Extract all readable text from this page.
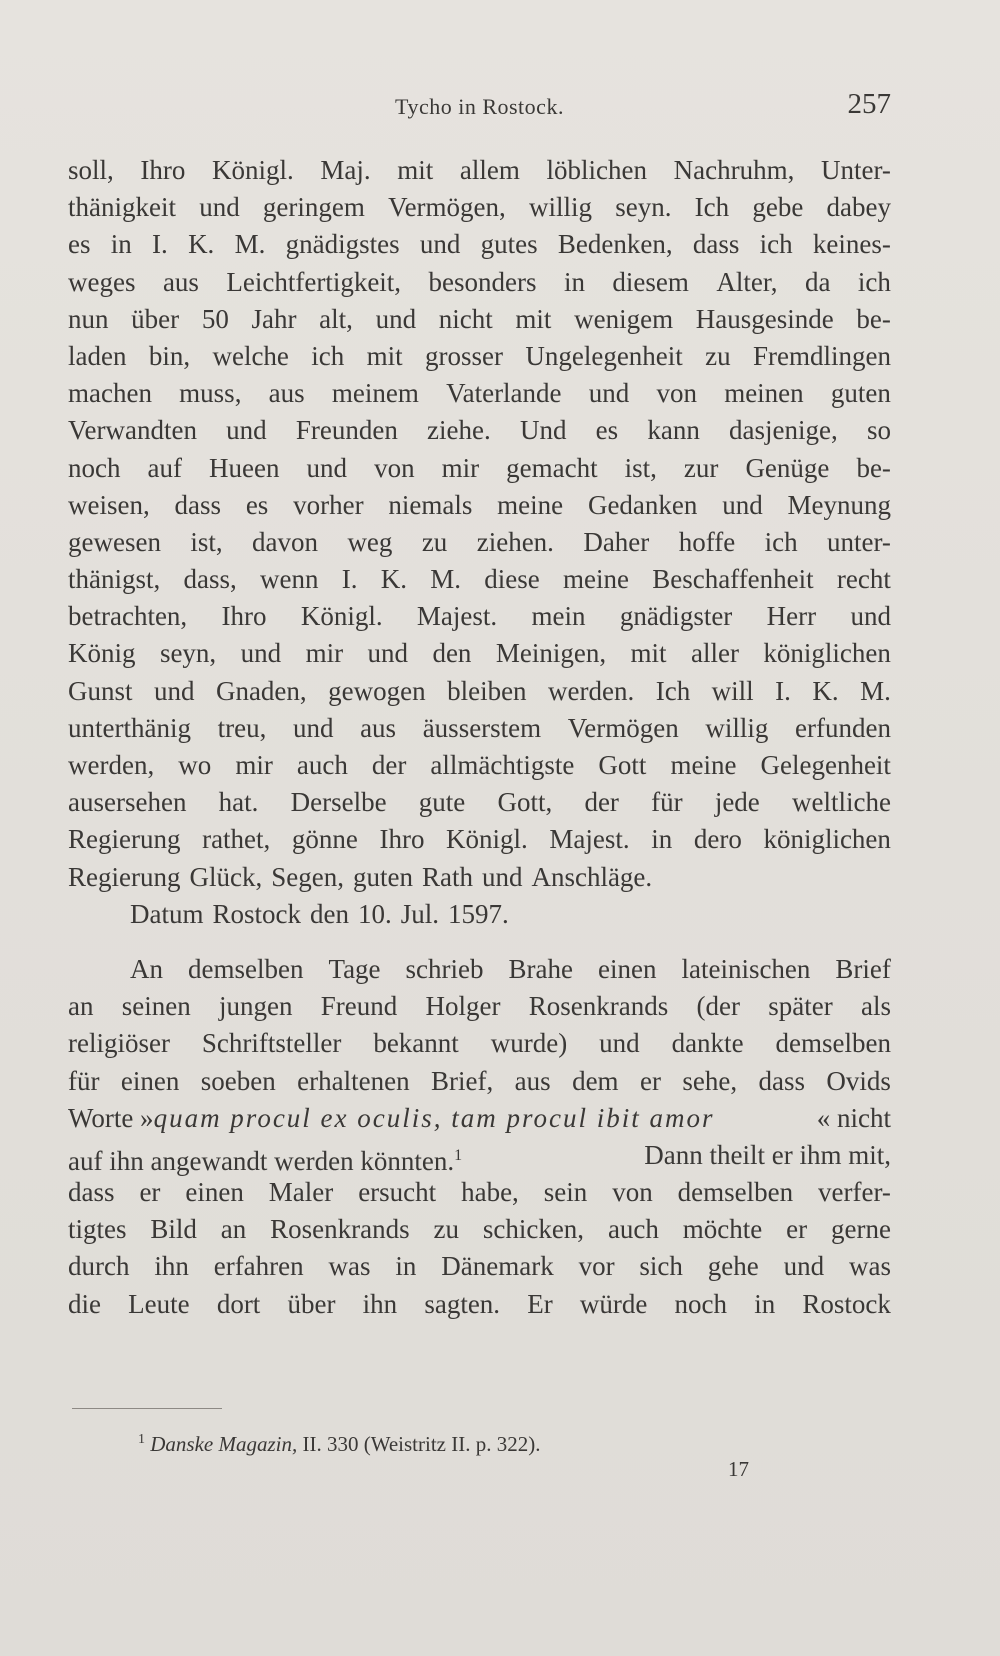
Tycho in Rostock.	257
soll, Ihro Königl. Maj. mit allem löblichen Nachruhm, Unter-
thänigkeit und geringem Vermögen, willig seyn. Ich gebe dabey
es in I. K. M. gnädigstes und gutes Bedenken, dass ich keines-
weges aus Leichtfertigkeit, besonders in diesem Alter, da ich
nun über 50 Jahr alt, und nicht mit wenigem Hausgesinde be-
laden bin, welche ich mit grosser Ungelegenheit zu Fremdlingen
machen muss, aus meinem Vaterlande und von meinen guten
Verwandten und Freunden ziehe. Und es kann dasjenige, so
noch auf Hueen und von mir gemacht ist, zur Genüge be-
weisen, dass es vorher niemals meine Gedanken und Meynung
gewesen ist, davon weg zu ziehen. Daher hoffe ich unter-
thänigst, dass, wenn I. K. M. diese meine Beschaffenheit recht
betrachten, Ihro Königl. Majest. mein gnädigster Herr und
König seyn, und mir und den Meinigen, mit aller königlichen
Gunst und Gnaden, gewogen bleiben werden. Ich will I. K. M.
unterthänig treu, und aus äusserstem Vermögen willig erfunden
werden, wo mir auch der allmächtigste Gott meine Gelegenheit
ausersehen hat. Derselbe gute Gott, der für jede weltliche
Regierung rathet, gönne Ihro Königl. Majest. in dero königlichen
Regierung Glück, Segen, guten Rath und Anschläge.
Datum Rostock den 10. Jul. 1597.
An demselben Tage schrieb Brahe einen lateinischen Brief
an seinen jungen Freund Holger Rosenkrands (der später als
religiöser Schriftsteller bekannt wurde) und dankte demselben
für einen soeben erhaltenen Brief, aus dem er sehe, dass Ovids
Worte »quam procul ex oculis, tam procul ibit amor	« nicht
auf ihn angewandt werden könnten.$^1$	Dann theilt er ihm mit,
dass er einen Maler ersucht habe, sein von demselben verfer-
tigtes Bild an Rosenkrands zu schicken, auch möchte er gerne
durch ihn erfahren was in Dänemark vor sich gehe und was
die Leute dort über ihn sagten. Er würde noch in Rostock
$^1$ Danske Magazin, II. 330 (Weistritz II. p. 322).
17
